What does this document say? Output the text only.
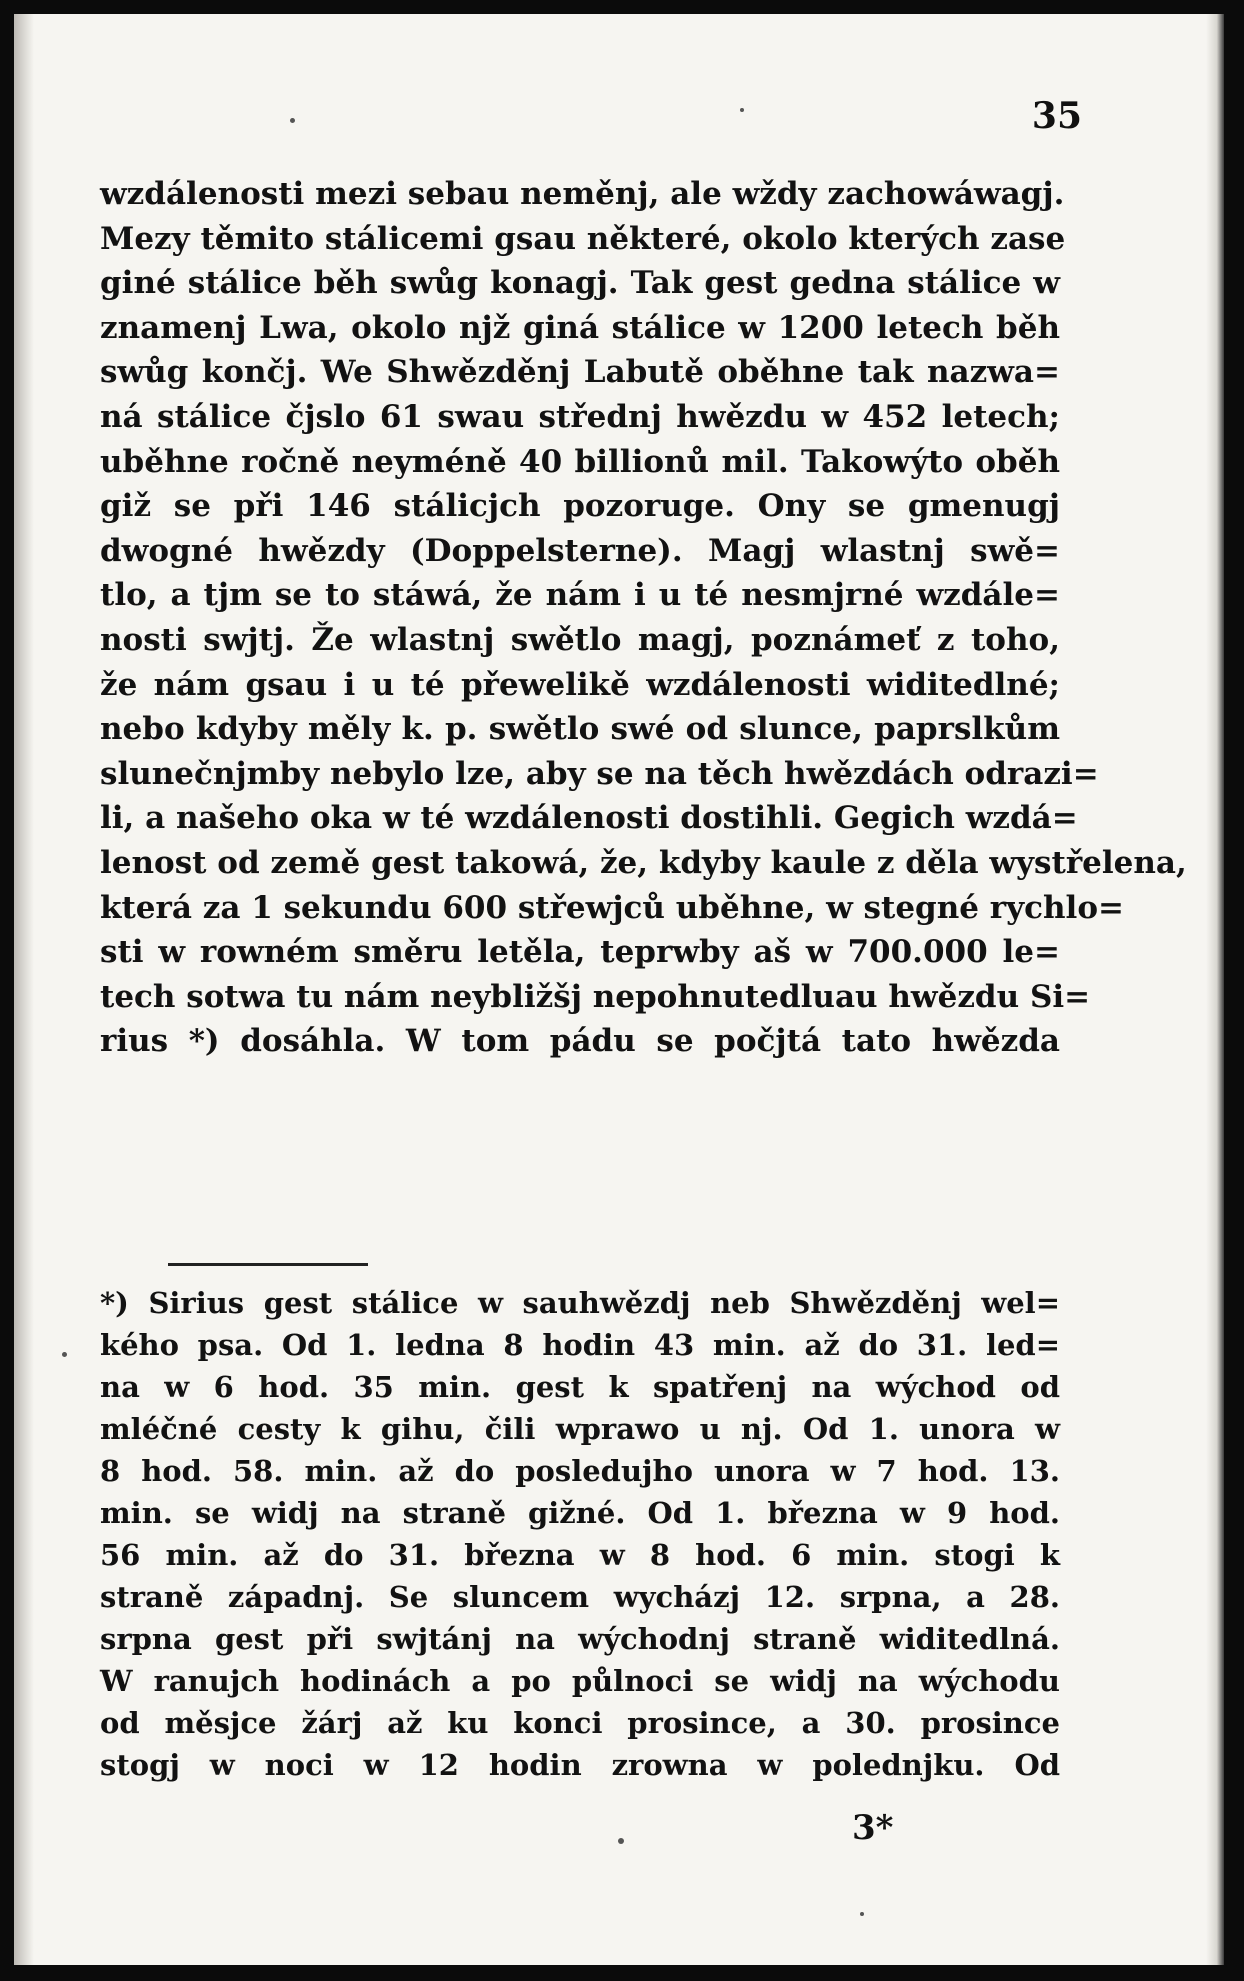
35
wzdálenosti mezi sebau neměnj, ale wždy zachowáwagj.
Mezy těmito stálicemi gsau některé, okolo kterých zase
giné stálice běh swůg konagj. Tak gest gedna stálice w
znamenj Lwa, okolo njž giná stálice w 1200 letech běh
swůg končj. We Shwězděnj Labutě oběhne tak nazwa=
ná stálice čjslo 61 swau střednj hwězdu w 452 letech;
uběhne ročně neyméně 40 billionů mil. Takowýto oběh
giž se při 146 stálicjch pozoruge. Ony se gmenugj
dwogné hwězdy (Doppelsterne). Magj wlastnj swě=
tlo, a tjm se to stáwá, že nám i u té nesmjrné wzdále=
nosti swjtj. Že wlastnj swětlo magj, poznámeť z toho,
že nám gsau i u té přewelikě wzdálenosti widitedlné;
nebo kdyby měly k. p. swětlo swé od slunce, paprslkům
slunečnjmby nebylo lze, aby se na těch hwězdách odrazi=
li, a našeho oka w té wzdálenosti dostihli. Gegich wzdá=
lenost od země gest takowá, že, kdyby kaule z děla wystřelena,
která za 1 sekundu 600 střewjců uběhne, w stegné rychlo=
sti w rowném směru letěla, teprwby aš w 700.000 le=
tech sotwa tu nám neybližšj nepohnutedluau hwězdu Si=
rius *) dosáhla. W tom pádu se počjtá tato hwězda
*) Sirius gest stálice w sauhwězdj neb Shwězděnj wel=
kého psa. Od 1. ledna 8 hodin 43 min. až do 31. led=
na w 6 hod. 35 min. gest k spatřenj na wýchod od
mléčné cesty k gihu, čili wprawo u nj. Od 1. unora w
8 hod. 58. min. až do posledujho unora w 7 hod. 13.
min. se widj na straně gižné. Od 1. března w 9 hod.
56 min. až do 31. března w 8 hod. 6 min. stogi k
straně západnj. Se sluncem wycházj 12. srpna, a 28.
srpna gest při swjtánj na wýchodnj straně widitedlná.
W ranujch hodinách a po půlnoci se widj na wýchodu
od měsjce žárj až ku konci prosince, a 30. prosince
stogj w noci w 12 hodin zrowna w polednjku. Od
3*
